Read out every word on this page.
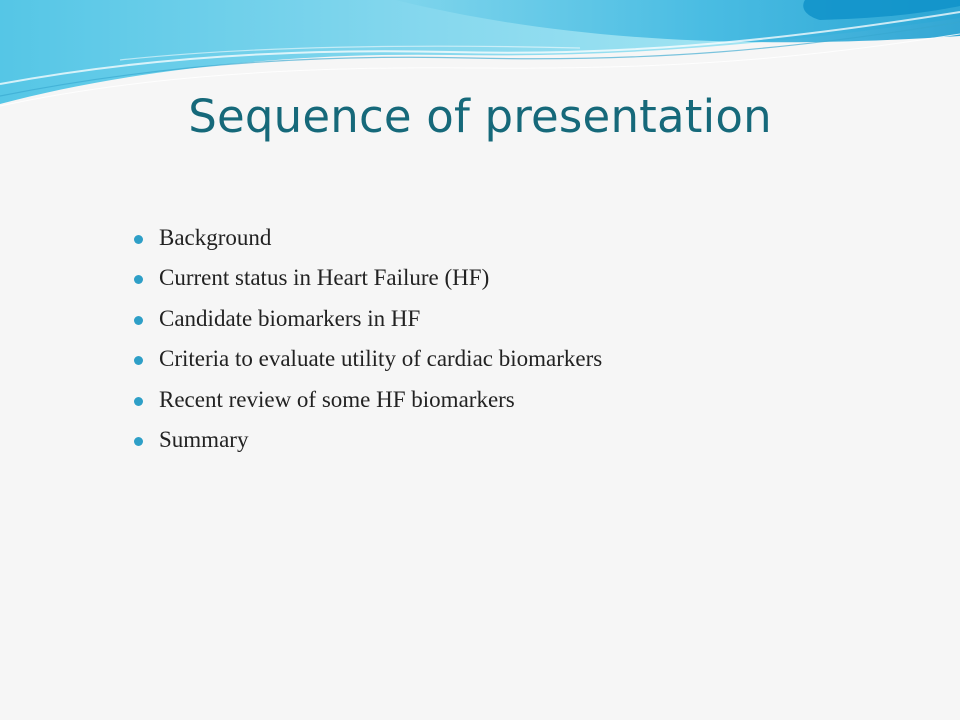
Sequence of presentation
Background
Current status in Heart Failure (HF)
Candidate biomarkers in HF
Criteria to evaluate utility of cardiac biomarkers
Recent review of some HF biomarkers
Summary
